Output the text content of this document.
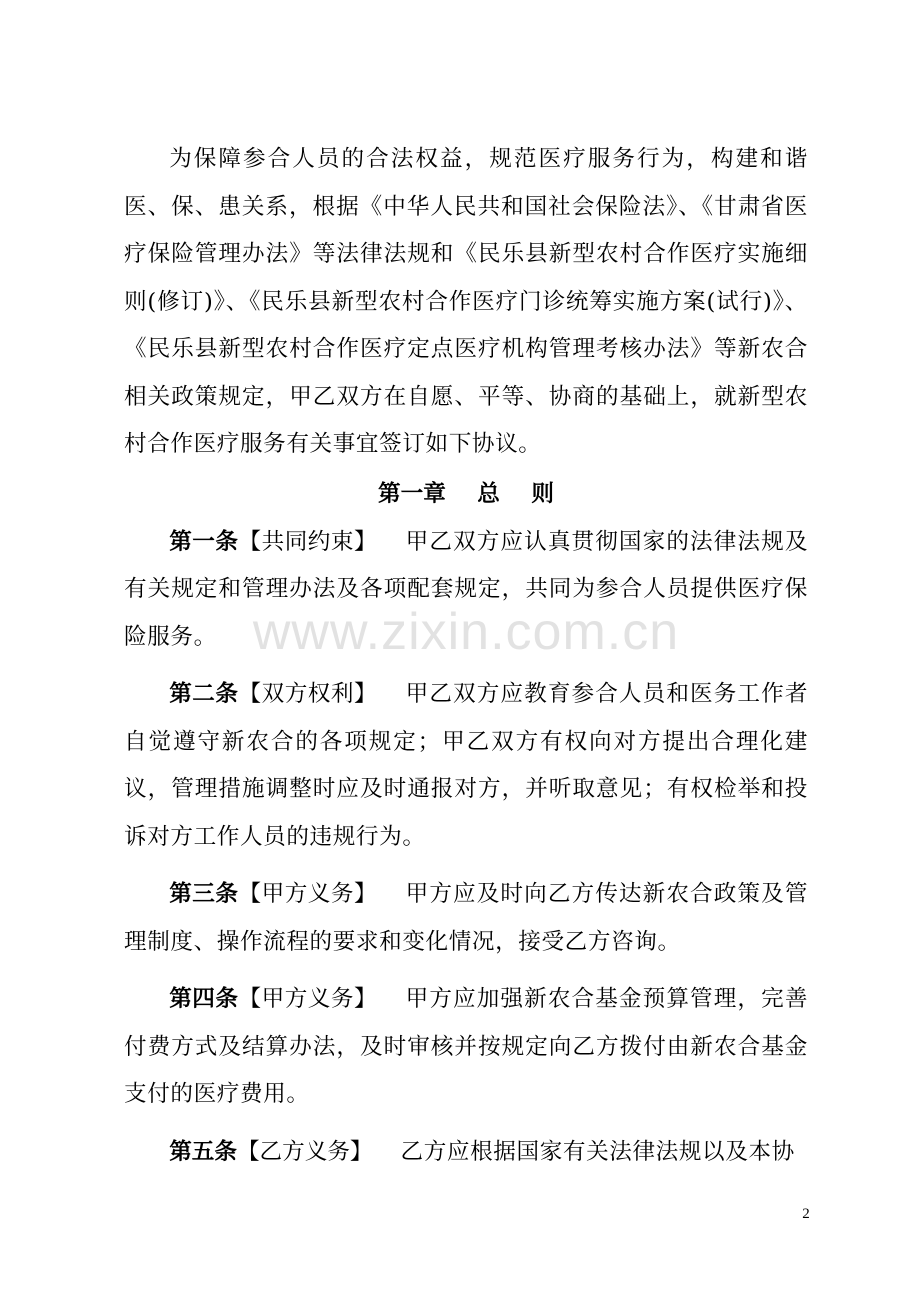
为保障参合人员的合法权益，规范医疗服务行为，构建和谐医、保、患关系，根据《中华人民共和国社会保险法》、《甘肃省医疗保险管理办法》等法律法规和《民乐县新型农村合作医疗实施细则(修订)》、《民乐县新型农村合作医疗门诊统筹实施方案(试行)》、《民乐县新型农村合作医疗定点医疗机构管理考核办法》等新农合相关政策规定，甲乙双方在自愿、平等、协商的基础上，就新型农村合作医疗服务有关事宜签订如下协议。

第一章    总    则

第一条【共同约束】 甲乙双方应认真贯彻国家的法律法规及有关规定和管理办法及各项配套规定，共同为参合人员提供医疗保险服务。

第二条【双方权利】 甲乙双方应教育参合人员和医务工作者自觉遵守新农合的各项规定；甲乙双方有权向对方提出合理化建议，管理措施调整时应及时通报对方，并听取意见；有权检举和投诉对方工作人员的违规行为。

第三条【甲方义务】 甲方应及时向乙方传达新农合政策及管理制度、操作流程的要求和变化情况，接受乙方咨询。

第四条【甲方义务】 甲方应加强新农合基金预算管理，完善付费方式及结算办法，及时审核并按规定向乙方拨付由新农合基金支付的医疗费用。

第五条【乙方义务】 乙方应根据国家有关法律法规以及本协

www.zixin.com.cn
2
